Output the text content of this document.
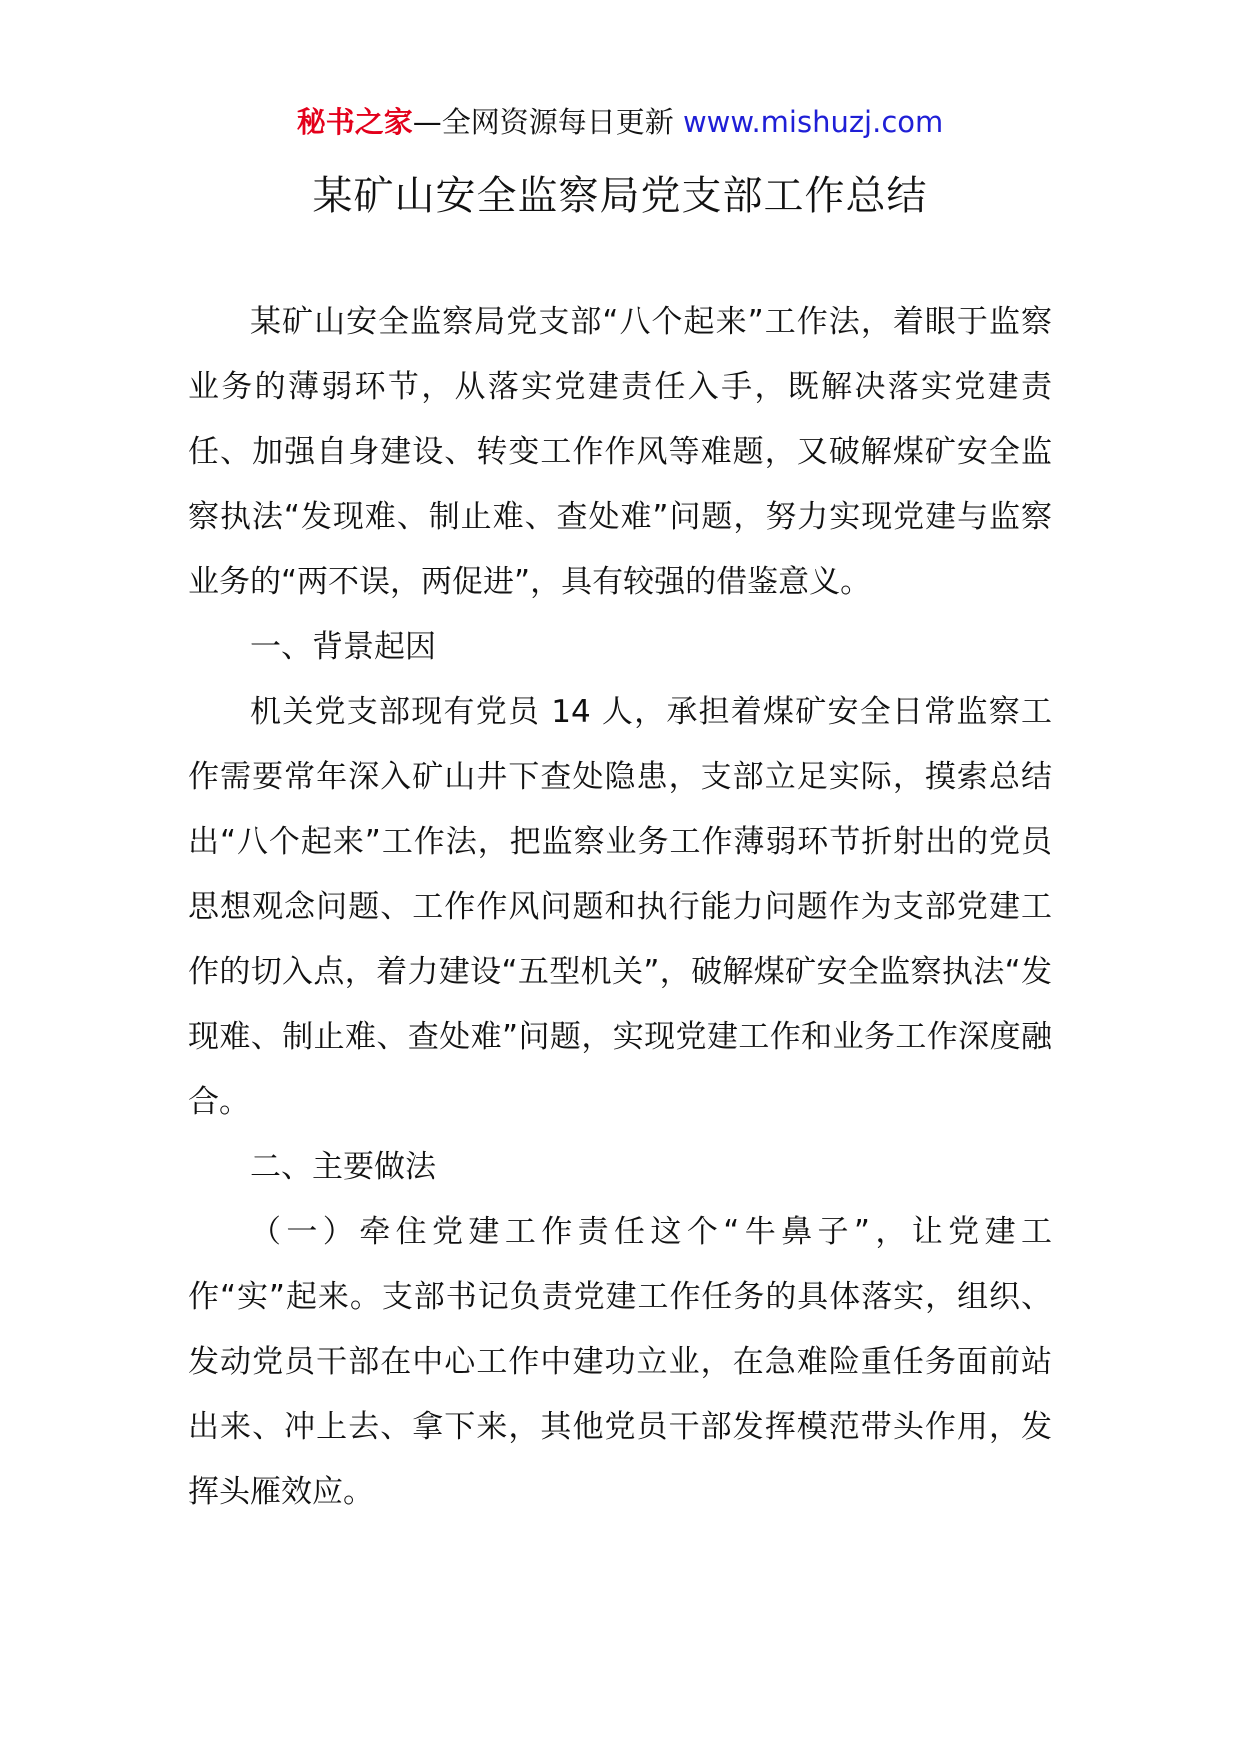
秘书之家—全网资源每日更新 www.mishuzj.com
某矿山安全监察局党支部工作总结

某矿山安全监察局党支部“八个起来”工作法，着眼于监察业务的薄弱环节，从落实党建责任入手，既解决落实党建责任、加强自身建设、转变工作作风等难题，又破解煤矿安全监察执法“发现难、制止难、查处难”问题，努力实现党建与监察业务的“两不误，两促进”，具有较强的借鉴意义。

一、背景起因

机关党支部现有党员 14 人，承担着煤矿安全日常监察工作需要常年深入矿山井下查处隐患，支部立足实际，摸索总结出“八个起来”工作法，把监察业务工作薄弱环节折射出的党员思想观念问题、工作作风问题和执行能力问题作为支部党建工作的切入点，着力建设“五型机关”，破解煤矿安全监察执法“发现难、制止难、查处难”问题，实现党建工作和业务工作深度融合。

二、主要做法

（一）牵住党建工作责任这个“牛鼻子”，让党建工作“实”起来。支部书记负责党建工作任务的具体落实，组织、发动党员干部在中心工作中建功立业，在急难险重任务面前站出来、冲上去、拿下来，其他党员干部发挥模范带头作用，发挥头雁效应。
